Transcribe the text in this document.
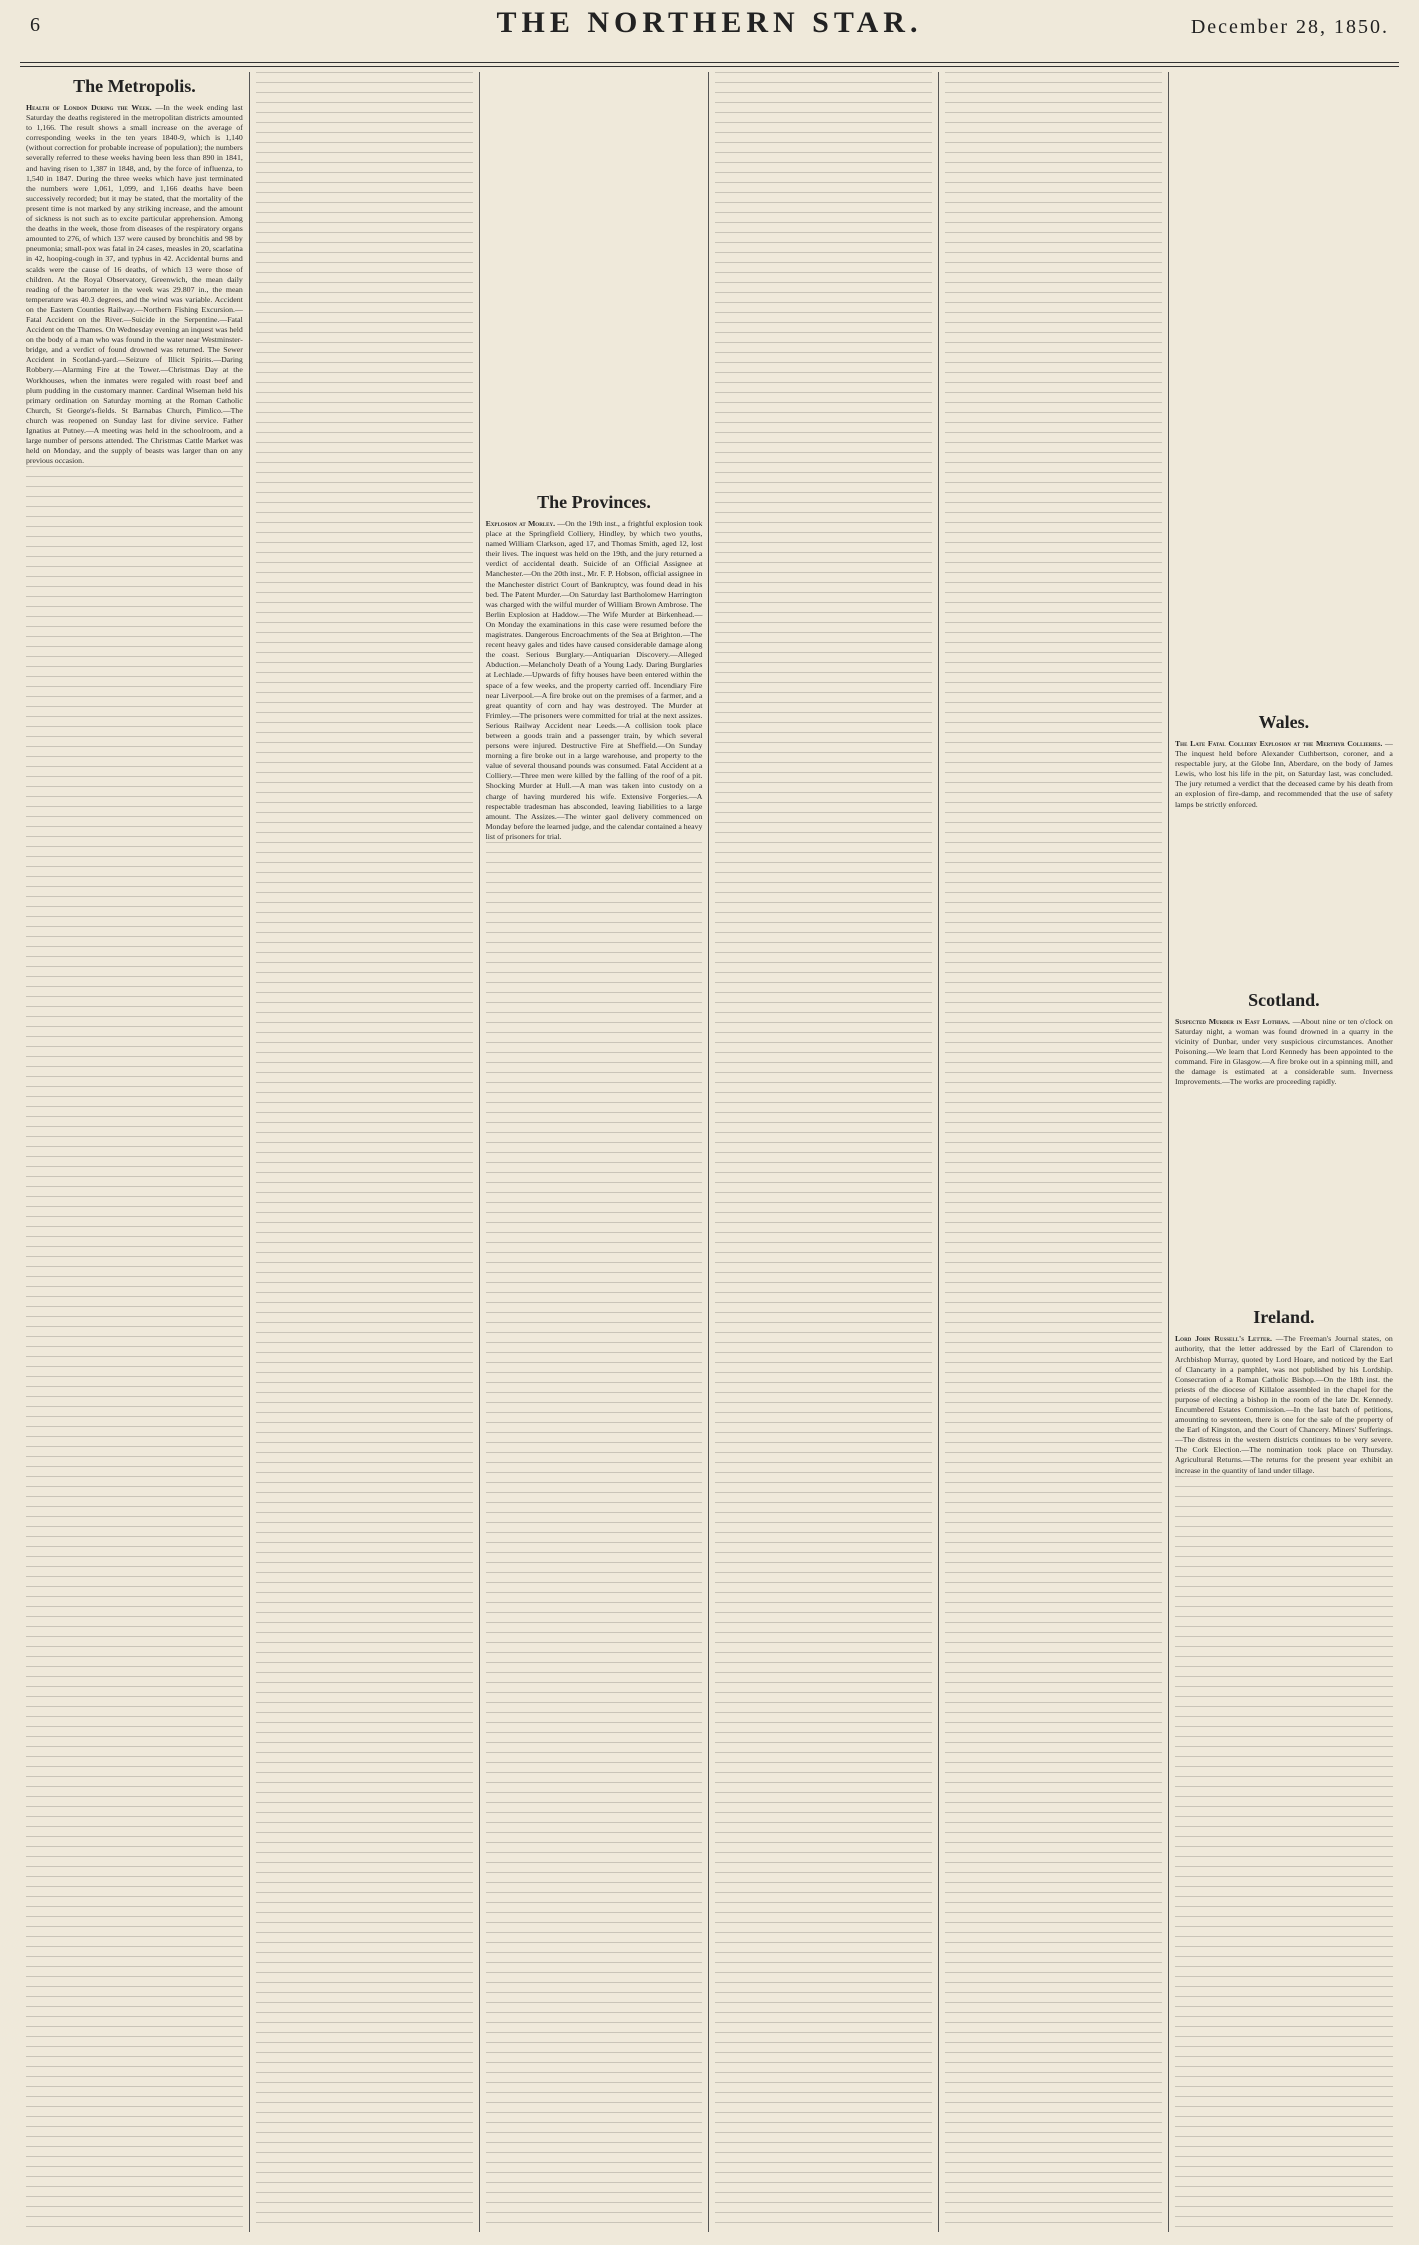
6	THE NORTHERN STAR.	December 28, 1850.
The Metropolis.

Health of London During the Week. —In the week ending last Saturday the deaths registered in the metropolitan districts amounted to 1,166. The result shows a small increase on the average of corresponding weeks in the ten years 1840-9, which is 1,140 (without correction for probable increase of population); the numbers severally referred to these weeks having been less than 890 in 1841, and having risen to 1,387 in 1848, and, by the force of influenza, to 1,540 in 1847. During the three weeks which have just terminated the numbers were 1,061, 1,099, and 1,166 deaths have been successively recorded; but it may be stated, that the mortality of the present time is not marked by any striking increase, and the amount of sickness is not such as to excite particular apprehension. Among the deaths in the week, those from diseases of the respiratory organs amounted to 276, of which 137 were caused by bronchitis and 98 by pneumonia; small-pox was fatal in 24 cases, measles in 20, scarlatina in 42, hooping-cough in 37, and typhus in 42. Accidental burns and scalds were the cause of 16 deaths, of which 13 were those of children. At the Royal Observatory, Greenwich, the mean daily reading of the barometer in the week was 29.807 in., the mean temperature was 40.3 degrees, and the wind was variable. Accident on the Eastern Counties Railway.—Northern Fishing Excursion.—Fatal Accident on the River.—Suicide in the Serpentine.—Fatal Accident on the Thames. On Wednesday evening an inquest was held on the body of a man who was found in the water near Westminster-bridge, and a verdict of found drowned was returned. The Sewer Accident in Scotland-yard.—Seizure of Illicit Spirits.—Daring Robbery.—Alarming Fire at the Tower.—Christmas Day at the Workhouses, when the inmates were regaled with roast beef and plum pudding in the customary manner. Cardinal Wiseman held his primary ordination on Saturday morning at the Roman Catholic Church, St George's-fields. St Barnabas Church, Pimlico.—The church was reopened on Sunday last for divine service. Father Ignatius at Putney.—A meeting was held in the schoolroom, and a large number of persons attended. The Christmas Cattle Market was held on Monday, and the supply of beasts was larger than on any previous occasion.

The Provinces.

Explosion at Morley. —On the 19th inst., a frightful explosion took place at the Springfield Colliery, Hindley, by which two youths, named William Clarkson, aged 17, and Thomas Smith, aged 12, lost their lives. The inquest was held on the 19th, and the jury returned a verdict of accidental death. Suicide of an Official Assignee at Manchester.—On the 20th inst., Mr. F. P. Hobson, official assignee in the Manchester district Court of Bankruptcy, was found dead in his bed. The Patent Murder.—On Saturday last Bartholomew Harrington was charged with the wilful murder of William Brown Ambrose. The Berlin Explosion at Haddow.—The Wife Murder at Birkenhead.—On Monday the examinations in this case were resumed before the magistrates. Dangerous Encroachments of the Sea at Brighton.—The recent heavy gales and tides have caused considerable damage along the coast. Serious Burglary.—Antiquarian Discovery.—Alleged Abduction.—Melancholy Death of a Young Lady. Daring Burglaries at Lechlade.—Upwards of fifty houses have been entered within the space of a few weeks, and the property carried off. Incendiary Fire near Liverpool.—A fire broke out on the premises of a farmer, and a great quantity of corn and hay was destroyed. The Murder at Frimley.—The prisoners were committed for trial at the next assizes. Serious Railway Accident near Leeds.—A collision took place between a goods train and a passenger train, by which several persons were injured. Destructive Fire at Sheffield.—On Sunday morning a fire broke out in a large warehouse, and property to the value of several thousand pounds was consumed. Fatal Accident at a Colliery.—Three men were killed by the falling of the roof of a pit. Shocking Murder at Hull.—A man was taken into custody on a charge of having murdered his wife. Extensive Forgeries.—A respectable tradesman has absconded, leaving liabilities to a large amount. The Assizes.—The winter gaol delivery commenced on Monday before the learned judge, and the calendar contained a heavy list of prisoners for trial.

Wales.

The Late Fatal Colliery Explosion at the Merthyr Collieries. —The inquest held before Alexander Cuthbertson, coroner, and a respectable jury, at the Globe Inn, Aberdare, on the body of James Lewis, who lost his life in the pit, on Saturday last, was concluded. The jury returned a verdict that the deceased came by his death from an explosion of fire-damp, and recommended that the use of safety lamps be strictly enforced.

Scotland.

Suspected Murder in East Lothian. —About nine or ten o'clock on Saturday night, a woman was found drowned in a quarry in the vicinity of Dunbar, under very suspicious circumstances. Another Poisoning.—We learn that Lord Kennedy has been appointed to the command. Fire in Glasgow.—A fire broke out in a spinning mill, and the damage is estimated at a considerable sum. Inverness Improvements.—The works are proceeding rapidly.

Ireland.

Lord John Russell's Letter. —The Freeman's Journal states, on authority, that the letter addressed by the Earl of Clarendon to Archbishop Murray, quoted by Lord Hoare, and noticed by the Earl of Clancarty in a pamphlet, was not published by his Lordship. Consecration of a Roman Catholic Bishop.—On the 18th inst. the priests of the diocese of Killaloe assembled in the chapel for the purpose of electing a bishop in the room of the late Dr. Kennedy. Encumbered Estates Commission.—In the last batch of petitions, amounting to seventeen, there is one for the sale of the property of the Earl of Kingston, and the Court of Chancery. Miners' Sufferings.—The distress in the western districts continues to be very severe. The Cork Election.—The nomination took place on Thursday. Agricultural Returns.—The returns for the present year exhibit an increase in the quantity of land under tillage.
